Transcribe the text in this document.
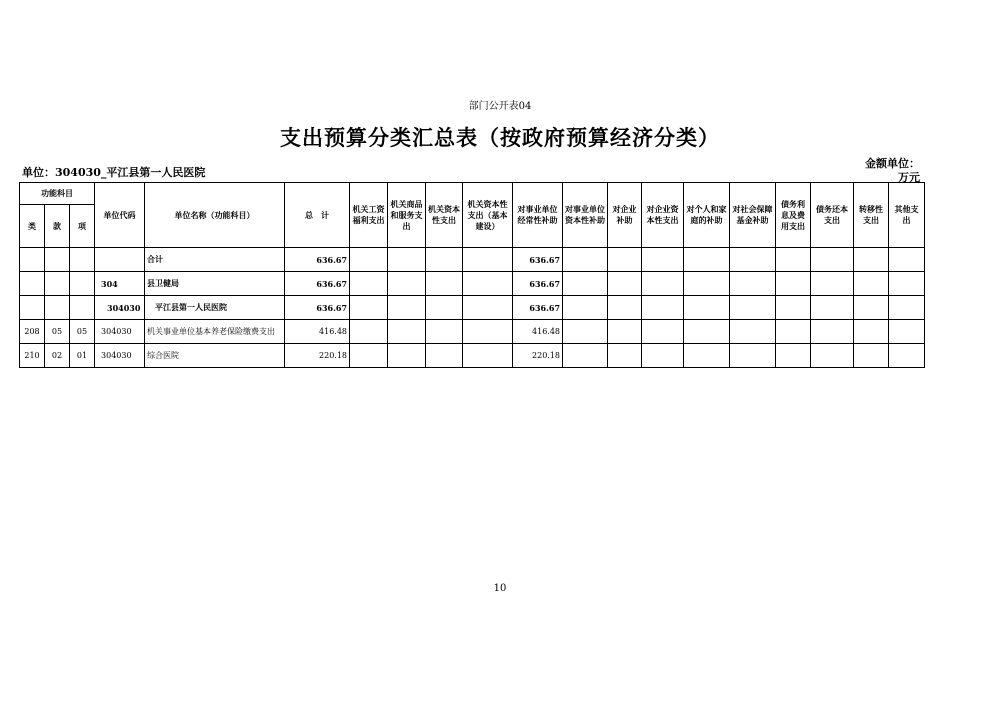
部门公开表04
支出预算分类汇总表（按政府预算经济分类）
单位：304030_平江县第一人民医院
金额单位：
万元
功能科目			单位代码	单位名称（功能科目）	总　计	机关工资福利支出	机关商品和服务支出	机关资本性支出	机关资本性支出（基本建设）	对事业单位经常性补助	对事业单位资本性补助	对企业补助	对企业资本性支出	对个人和家庭的补助	对社会保障基金补助	债务利息及费用支出	债务还本支出	转移性支出	其他支出
类	款	项																	
				合计	636.67					636.67									
			304	县卫健局	636.67					636.67									
			304030	平江县第一人民医院	636.67					636.67									
208	05	05	304030	机关事业单位基本养老保险缴费支出	416.48					416.48									
210	02	01	304030	综合医院	220.18					220.18									
10
